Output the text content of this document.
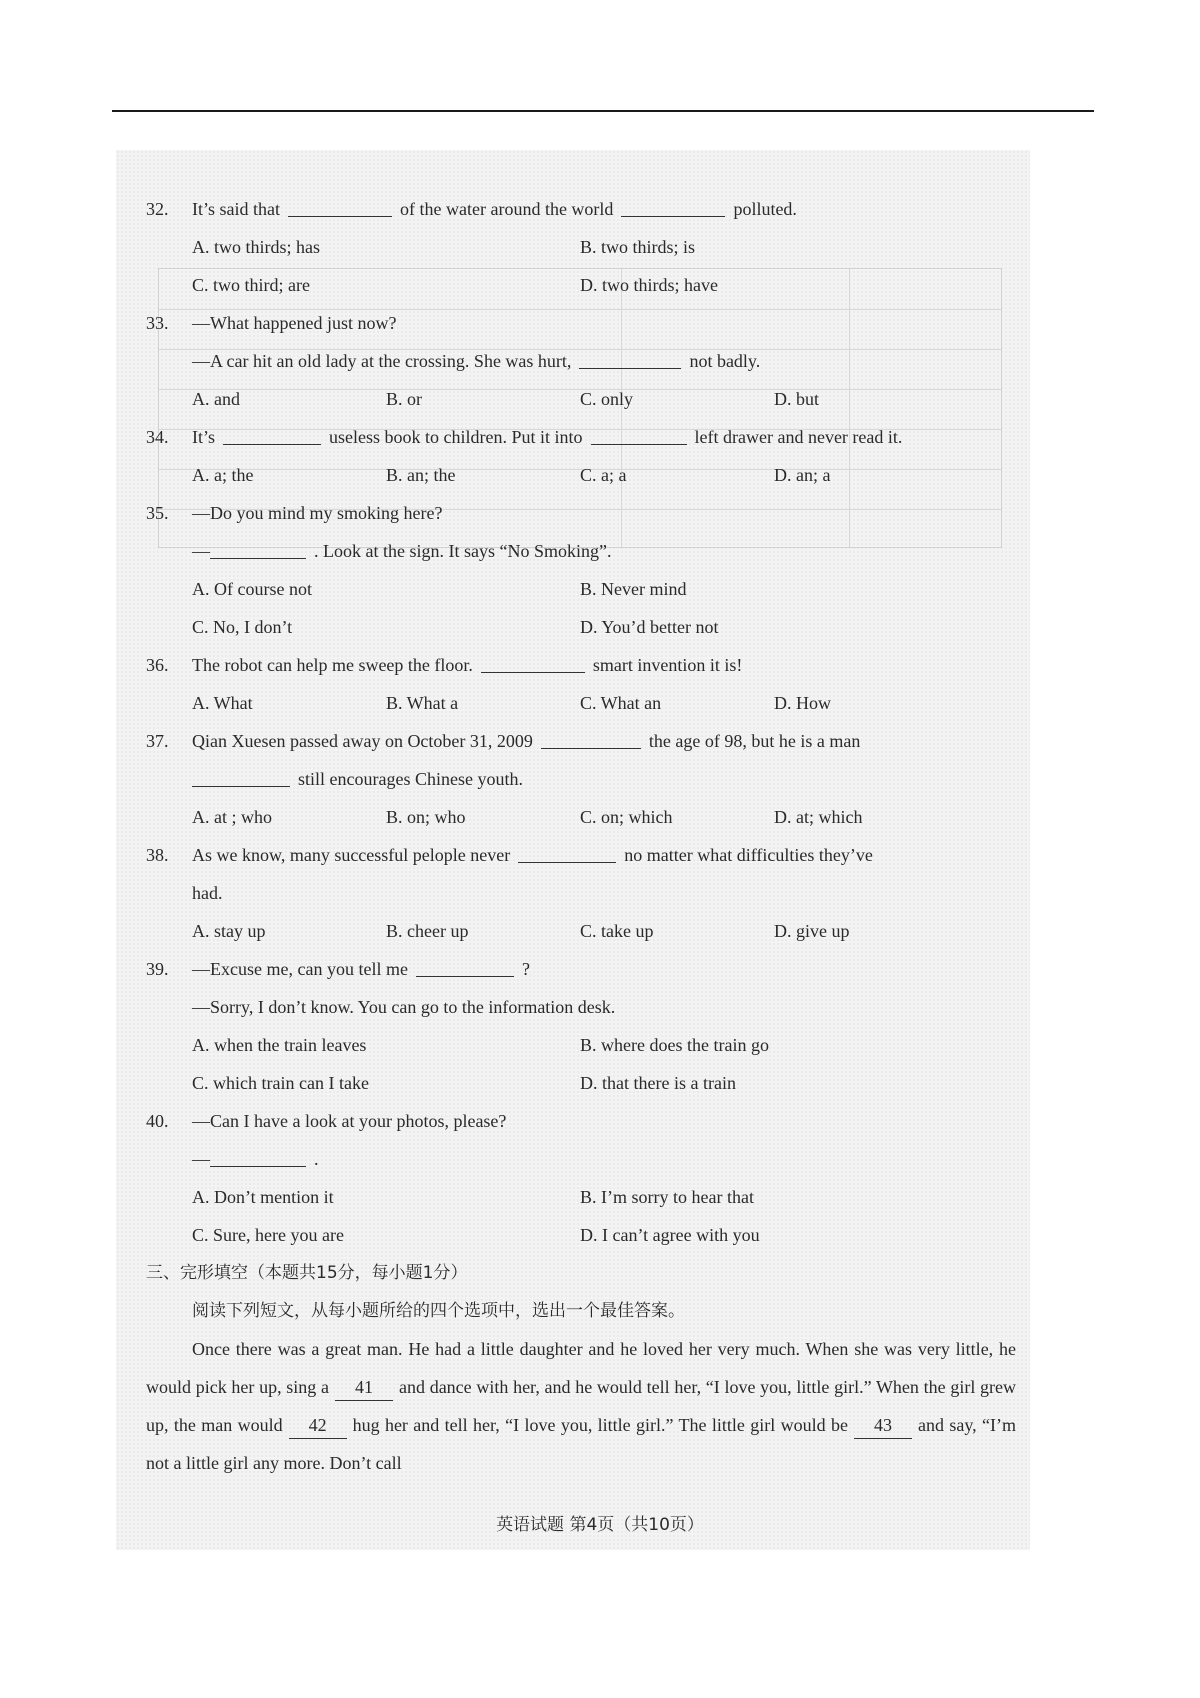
32.	It’s said that	of the water around the world	polluted.
A. two thirds; has	B. two thirds; is
C. two third; are	D. two thirds; have
33.	—What happened just now?
—A car hit an old lady at the crossing. She was hurt,	not badly.
A. and	B. or	C. only	D. but
34.	It’s	useless book to children. Put it into	left drawer and never read it.
A. a; the	B. an; the	C. a; a	D. an; a
35.	—Do you mind my smoking here?
—	. Look at the sign. It says “No Smoking”.
A. Of course not	B. Never mind
C. No, I don’t	D. You’d better not
36.	The robot can help me sweep the floor.	smart invention it is!
A. What	B. What a	C. What an	D. How
37.	Qian Xuesen passed away on October 31, 2009	the age of 98, but he is a man
still encourages Chinese youth.
A. at ; who	B. on; who	C. on; which	D. at; which
38.	As we know, many successful pelople never	no matter what difficulties they’ve
had.
A. stay up	B. cheer up	C. take up	D. give up
39.	—Excuse me, can you tell me	?
—Sorry, I don’t know. You can go to the information desk.
A. when the train leaves	B. where does the train go
C. which train can I take	D. that there is a train
40.	—Can I have a look at your photos, please?
—	.
A. Don’t mention it	B. I’m sorry to hear that
C. Sure, here you are	D. I can’t agree with you
三、完形填空（本题共15分，每小题1分）
阅读下列短文，从每小题所给的四个选项中，选出一个最佳答案。
Once there was a great man. He had a little daughter and he loved her very much. When she was very little, he would pick her up, sing a 41 and dance with her, and he would tell her, “I love you, little girl.” When the girl grew up, the man would 42 hug her and tell her, “I love you, little girl.” The little girl would be 43 and say, “I’m not a little girl any more. Don’t call
英语试题 第4页（共10页）
